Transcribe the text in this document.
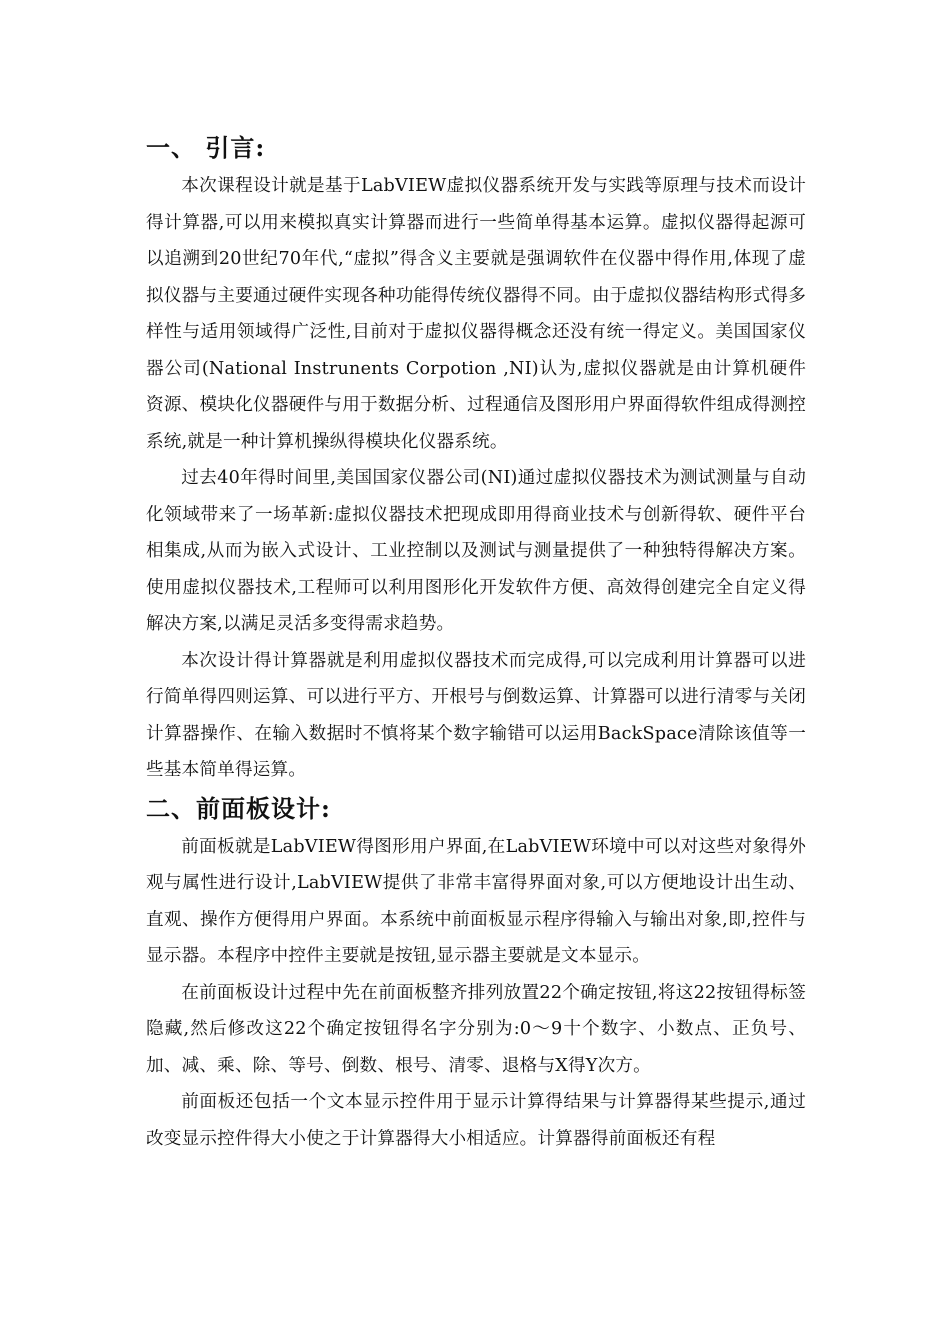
一、 引言:

本次课程设计就是基于LabVIEW虚拟仪器系统开发与实践等原理与技术而设计得计算器,可以用来模拟真实计算器而进行一些简单得基本运算。虚拟仪器得起源可以追溯到20世纪70年代,“虚拟”得含义主要就是强调软件在仪器中得作用,体现了虚拟仪器与主要通过硬件实现各种功能得传统仪器得不同。由于虚拟仪器结构形式得多样性与适用领域得广泛性,目前对于虚拟仪器得概念还没有统一得定义。美国国家仪器公司(National Instrunents Corpotion ,NI)认为,虚拟仪器就是由计算机硬件资源、模块化仪器硬件与用于数据分析、过程通信及图形用户界面得软件组成得测控系统,就是一种计算机操纵得模块化仪器系统。

过去40年得时间里,美国国家仪器公司(NI)通过虚拟仪器技术为测试测量与自动化领域带来了一场革新:虚拟仪器技术把现成即用得商业技术与创新得软、硬件平台相集成,从而为嵌入式设计、工业控制以及测试与测量提供了一种独特得解决方案。使用虚拟仪器技术,工程师可以利用图形化开发软件方便、高效得创建完全自定义得解决方案,以满足灵活多变得需求趋势。

本次设计得计算器就是利用虚拟仪器技术而完成得,可以完成利用计算器可以进行简单得四则运算、可以进行平方、开根号与倒数运算、计算器可以进行清零与关闭计算器操作、在输入数据时不慎将某个数字输错可以运用BackSpace清除该值等一些基本简单得运算。

二、前面板设计:

前面板就是LabVIEW得图形用户界面,在LabVIEW环境中可以对这些对象得外观与属性进行设计,LabVIEW提供了非常丰富得界面对象,可以方便地设计出生动、直观、操作方便得用户界面。本系统中前面板显示程序得输入与输出对象,即,控件与显示器。本程序中控件主要就是按钮,显示器主要就是文本显示。

在前面板设计过程中先在前面板整齐排列放置22个确定按钮,将这22按钮得标签隐藏,然后修改这22个确定按钮得名字分别为:0～9十个数字、小数点、正负号、加、减、乘、除、等号、倒数、根号、清零、退格与X得Y次方。

前面板还包括一个文本显示控件用于显示计算得结果与计算器得某些提示,通过改变显示控件得大小使之于计算器得大小相适应。计算器得前面板还有程
